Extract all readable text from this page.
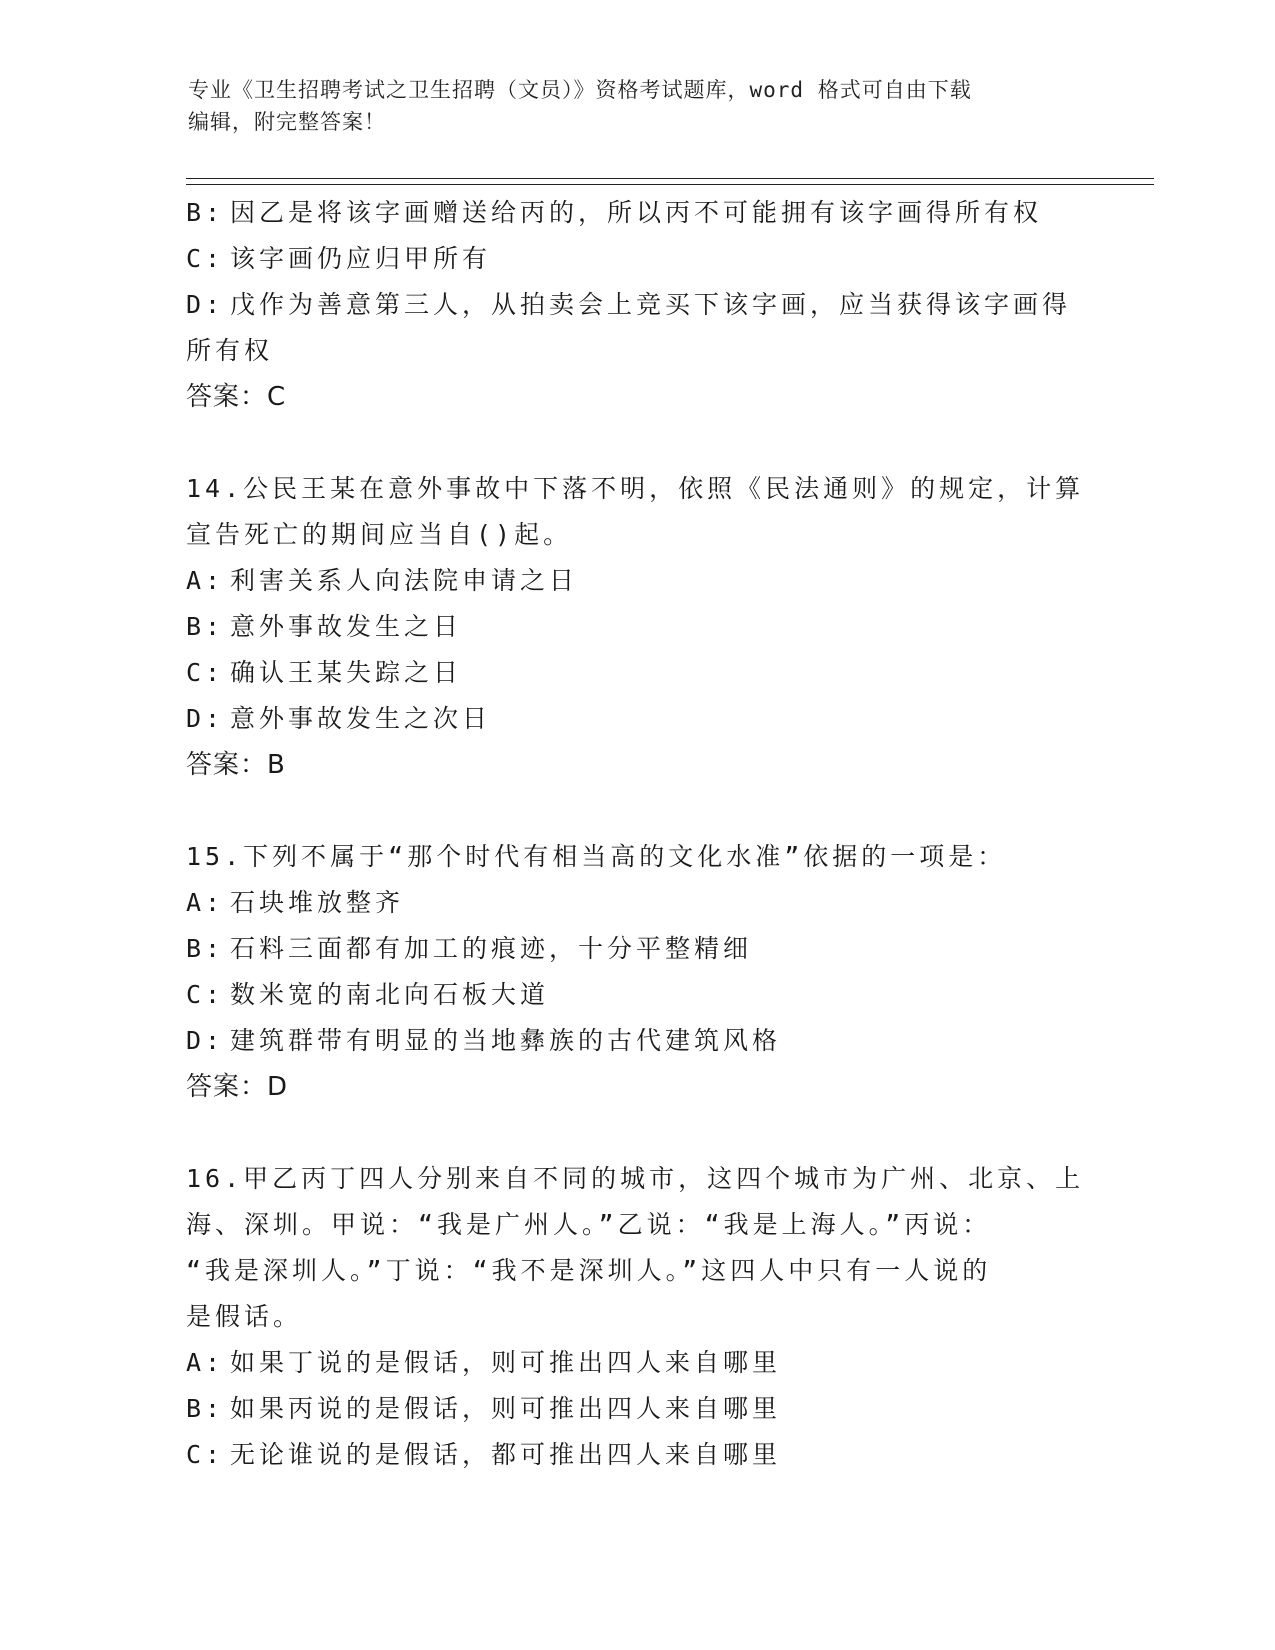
专业《卫生招聘考试之卫生招聘（文员）》资格考试题库，word 格式可自由下载
编辑，附完整答案！
B: 因乙是将该字画赠送给丙的，所以丙不可能拥有该字画得所有权
C: 该字画仍应归甲所有
D: 戊作为善意第三人，从拍卖会上竞买下该字画，应当获得该字画得
所有权
答案：C
14.公民王某在意外事故中下落不明，依照《民法通则》的规定，计算
宣告死亡的期间应当自()起。
A: 利害关系人向法院申请之日
B: 意外事故发生之日
C: 确认王某失踪之日
D: 意外事故发生之次日
答案：B
15.下列不属于“那个时代有相当高的文化水准”依据的一项是：
A: 石块堆放整齐
B: 石料三面都有加工的痕迹，十分平整精细
C: 数米宽的南北向石板大道
D: 建筑群带有明显的当地彝族的古代建筑风格
答案：D
16.甲乙丙丁四人分别来自不同的城市，这四个城市为广州、北京、上
海、深圳。甲说：“我是广州人。”乙说：“我是上海人。”丙说：
“我是深圳人。”丁说：“我不是深圳人。”这四人中只有一人说的
是假话。
A: 如果丁说的是假话，则可推出四人来自哪里
B: 如果丙说的是假话，则可推出四人来自哪里
C: 无论谁说的是假话，都可推出四人来自哪里
